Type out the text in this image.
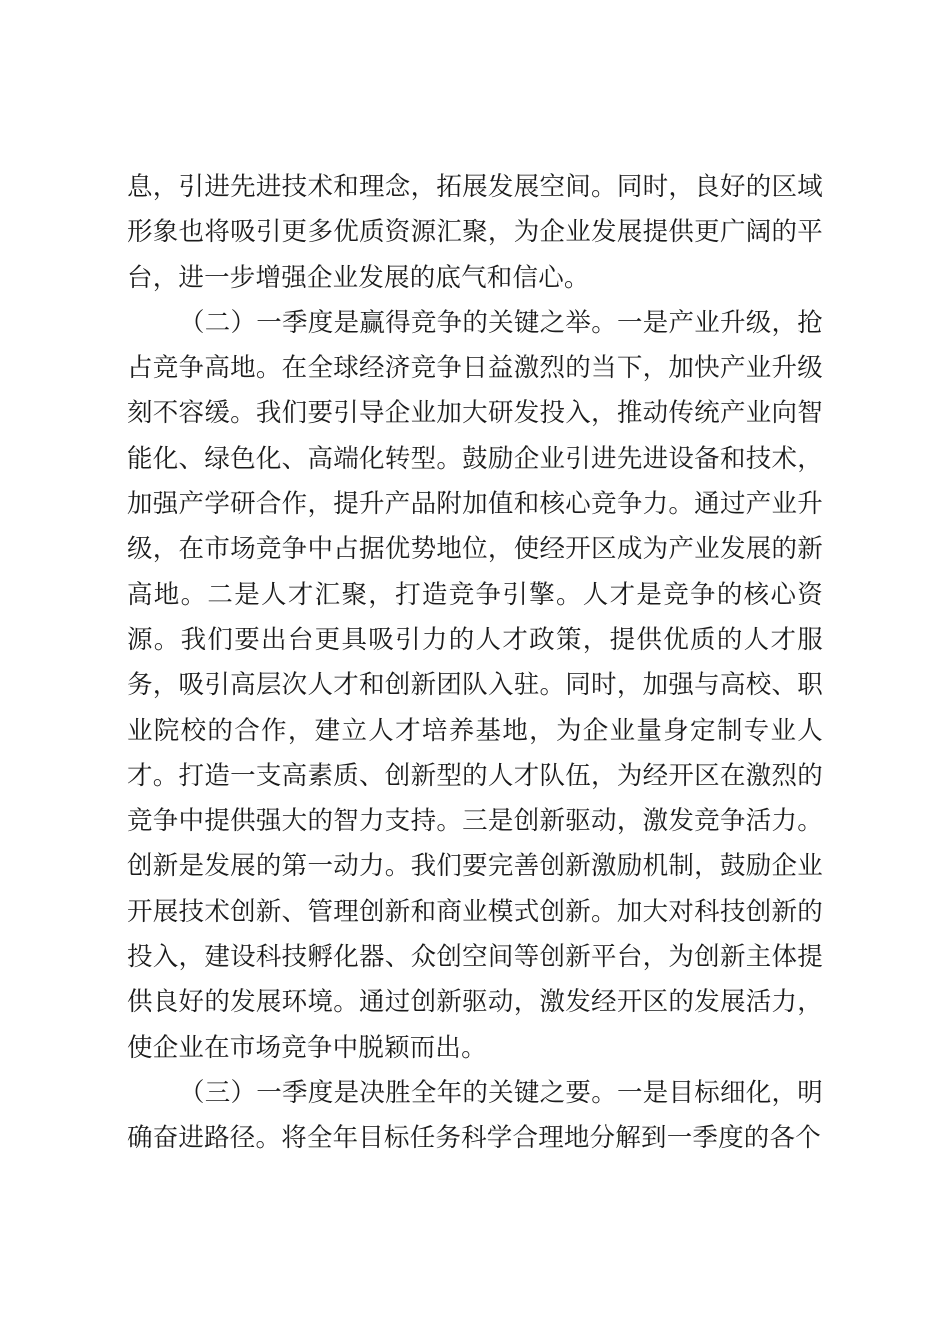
息，引进先进技术和理念，拓展发展空间。同时，良好的区域形象也将吸引更多优质资源汇聚，为企业发展提供更广阔的平台，进一步增强企业发展的底气和信心。

（二）一季度是赢得竞争的关键之举。一是产业升级，抢占竞争高地。在全球经济竞争日益激烈的当下，加快产业升级刻不容缓。我们要引导企业加大研发投入，推动传统产业向智能化、绿色化、高端化转型。鼓励企业引进先进设备和技术，加强产学研合作，提升产品附加值和核心竞争力。通过产业升级，在市场竞争中占据优势地位，使经开区成为产业发展的新高地。二是人才汇聚，打造竞争引擎。人才是竞争的核心资源。我们要出台更具吸引力的人才政策，提供优质的人才服务，吸引高层次人才和创新团队入驻。同时，加强与高校、职业院校的合作，建立人才培养基地，为企业量身定制专业人才。打造一支高素质、创新型的人才队伍，为经开区在激烈的竞争中提供强大的智力支持。三是创新驱动，激发竞争活力。创新是发展的第一动力。我们要完善创新激励机制，鼓励企业开展技术创新、管理创新和商业模式创新。加大对科技创新的投入，建设科技孵化器、众创空间等创新平台，为创新主体提供良好的发展环境。通过创新驱动，激发经开区的发展活力，使企业在市场竞争中脱颖而出。

（三）一季度是决胜全年的关键之要。一是目标细化，明确奋进路径。将全年目标任务科学合理地分解到一季度的各个
